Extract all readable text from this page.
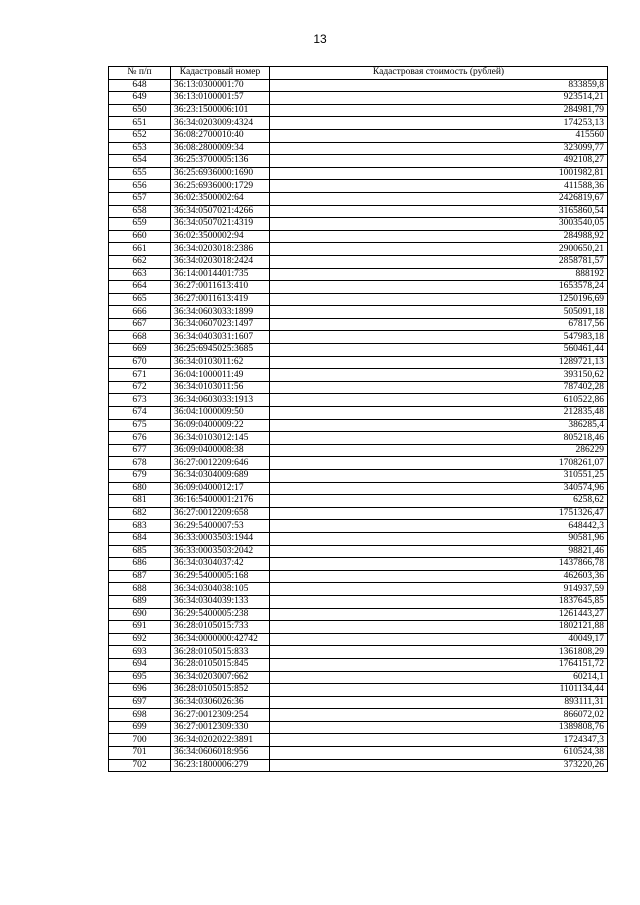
13
№ п/п	Кадастровый номер	Кадастровая стоимость (рублей)
648	36:13:0300001:70	833859,8
649	36:13:0100001:57	923514,21
650	36:23:1500006:101	284981,79
651	36:34:0203009:4324	174253,13
652	36:08:2700010:40	415560
653	36:08:2800009:34	323099,77
654	36:25:3700005:136	492108,27
655	36:25:6936000:1690	1001982,81
656	36:25:6936000:1729	411588,36
657	36:02:3500002:64	2426819,67
658	36:34:0507021:4266	3165860,54
659	36:34:0507021:4319	3003540,05
660	36:02:3500002:94	284988,92
661	36:34:0203018:2386	2900650,21
662	36:34:0203018:2424	2858781,57
663	36:14:0014401:735	888192
664	36:27:0011613:410	1653578,24
665	36:27:0011613:419	1250196,69
666	36:34:0603033:1899	505091,18
667	36:34:0607023:1497	67817,56
668	36:34:0403031:1607	547983,18
669	36:25:6945025:3685	560461,44
670	36:34:0103011:62	1289721,13
671	36:04:1000011:49	393150,62
672	36:34:0103011:56	787402,28
673	36:34:0603033:1913	610522,86
674	36:04:1000009:50	212835,48
675	36:09:0400009:22	386285,4
676	36:34:0103012:145	805218,46
677	36:09:0400008:38	286229
678	36:27:0012209:646	1708261,07
679	36:34:0304009:689	310551,25
680	36:09:0400012:17	340574,96
681	36:16:5400001:2176	6258,62
682	36:27:0012209:658	1751326,47
683	36:29:5400007:53	648442,3
684	36:33:0003503:1944	90581,96
685	36:33:0003503:2042	98821,46
686	36:34:0304037:42	1437866,78
687	36:29:5400005:168	462603,36
688	36:34:0304038:105	914937,59
689	36:34:0304039:133	1837645,85
690	36:29:5400005:238	1261443,27
691	36:28:0105015:733	1802121,88
692	36:34:0000000:42742	40049,17
693	36:28:0105015:833	1361808,29
694	36:28:0105015:845	1764151,72
695	36:34:0203007:662	60214,1
696	36:28:0105015:852	1101134,44
697	36:34:0306026:36	893111,31
698	36:27:0012309:254	866072,02
699	36:27:0012309:330	1389808,76
700	36:34:0202022:3891	1724347,3
701	36:34:0606018:956	610524,38
702	36:23:1800006:279	373220,26
